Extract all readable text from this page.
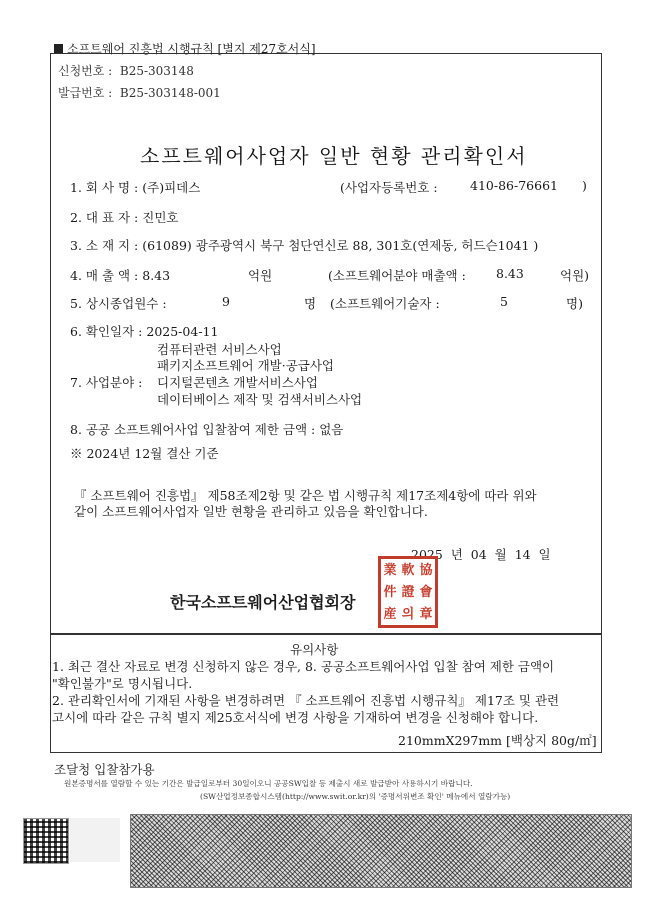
소프트웨어 진흥법 시행규칙 [별지 제27호서식]
신청번호 : B25-303148
발급번호 : B25-303148-001
소프트웨어사업자 일반 현황 관리확인서
1. 회 사 명 : (주)피데스	(사업자등록번호 :	410-86-76661 )
2. 대 표 자 : 진민호
3. 소 재 지 : (61089) 광주광역시 북구 첨단연신로 88, 301호(연제동, 허드슨1041 )
4. 매 출 액 : 8.43	억원	(소프트웨어분야 매출액 : 8.43	억원)
5. 상시종업원수 :	9	명 (소프트웨어기술자 :	5	명)
6. 확인일자 : 2025-04-11
컴퓨터관련 서비스사업
패키지소프트웨어 개발·공급사업
7. 사업분야 : 디지털콘텐츠 개발서비스사업
데이터베이스 제작 및 검색서비스사업
8. 공공 소프트웨어사업 입찰참여 제한 금액 : 없음
※ 2024년 12월 결산 기준
『 소프트웨어 진흥법』 제58조제2항 및 같은 법 시행규칙 제17조제4항에 따라 위와
같이 소프트웨어사업자 일반 현황을 관리하고 있음을 확인합니다.
2025 년 04 월 14 일
한국소프트웨어산업협회장
業 軟 協
件 證 會
産 의 章
유의사항
1. 최근 결산 자료로 변경 신청하지 않은 경우, 8. 공공소프트웨어사업 입찰 참여 제한 금액이
"확인불가"로 명시됩니다.
2. 관리확인서에 기재된 사항을 변경하려면 『 소프트웨어 진흥법 시행규칙』 제17조 및 관련
고시에 따라 같은 규칙 별지 제25호서식에 변경 사항을 기재하여 변경을 신청해야 합니다.
210mmX297mm [백상지 80g/㎡]
조달청 입찰참가용
원본증명서를 열람할 수 있는 기간은 발급일로부터 30일이오니 공공SW입찰 등 제출시 새로 발급받아 사용하시기 바랍니다.
(SW산업정보종합시스템(http://www.swit.or.kr)의 '증명서위변조 확인' 메뉴에서 열람가능)
